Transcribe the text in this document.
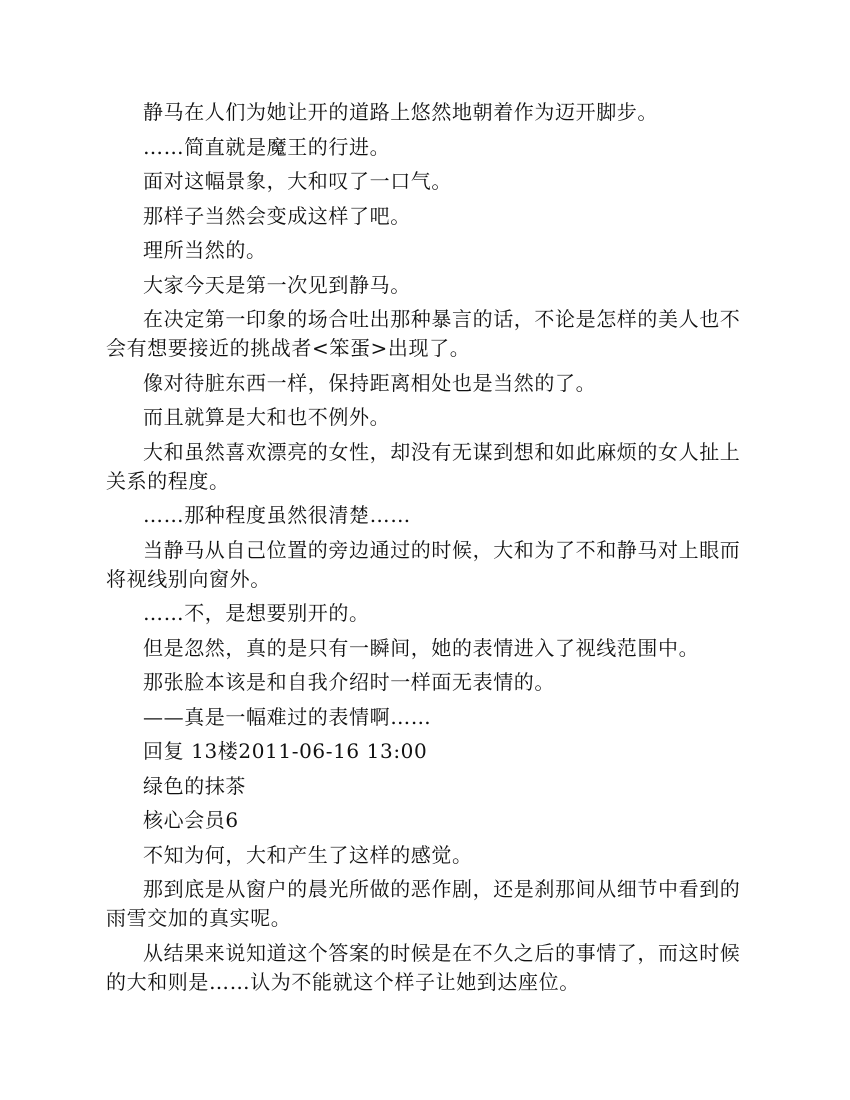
静马在人们为她让开的道路上悠然地朝着作为迈开脚步。

……简直就是魔王的行进。

面对这幅景象，大和叹了一口气。

那样子当然会变成这样了吧。

理所当然的。

大家今天是第一次见到静马。

在决定第一印象的场合吐出那种暴言的话，不论是怎样的美人也不会有想要接近的挑战者<笨蛋>出现了。

像对待脏东西一样，保持距离相处也是当然的了。

而且就算是大和也不例外。

大和虽然喜欢漂亮的女性，却没有无谋到想和如此麻烦的女人扯上关系的程度。

……那种程度虽然很清楚……

当静马从自己位置的旁边通过的时候，大和为了不和静马对上眼而将视线别向窗外。

……不，是想要别开的。

但是忽然，真的是只有一瞬间，她的表情进入了视线范围中。

那张脸本该是和自我介绍时一样面无表情的。

——真是一幅难过的表情啊……

回复 13楼2011-06-16 13:00

绿色的抹茶

核心会员6

不知为何，大和产生了这样的感觉。

那到底是从窗户的晨光所做的恶作剧，还是刹那间从细节中看到的雨雪交加的真实呢。

从结果来说知道这个答案的时候是在不久之后的事情了，而这时候的大和则是……认为不能就这个样子让她到达座位。
